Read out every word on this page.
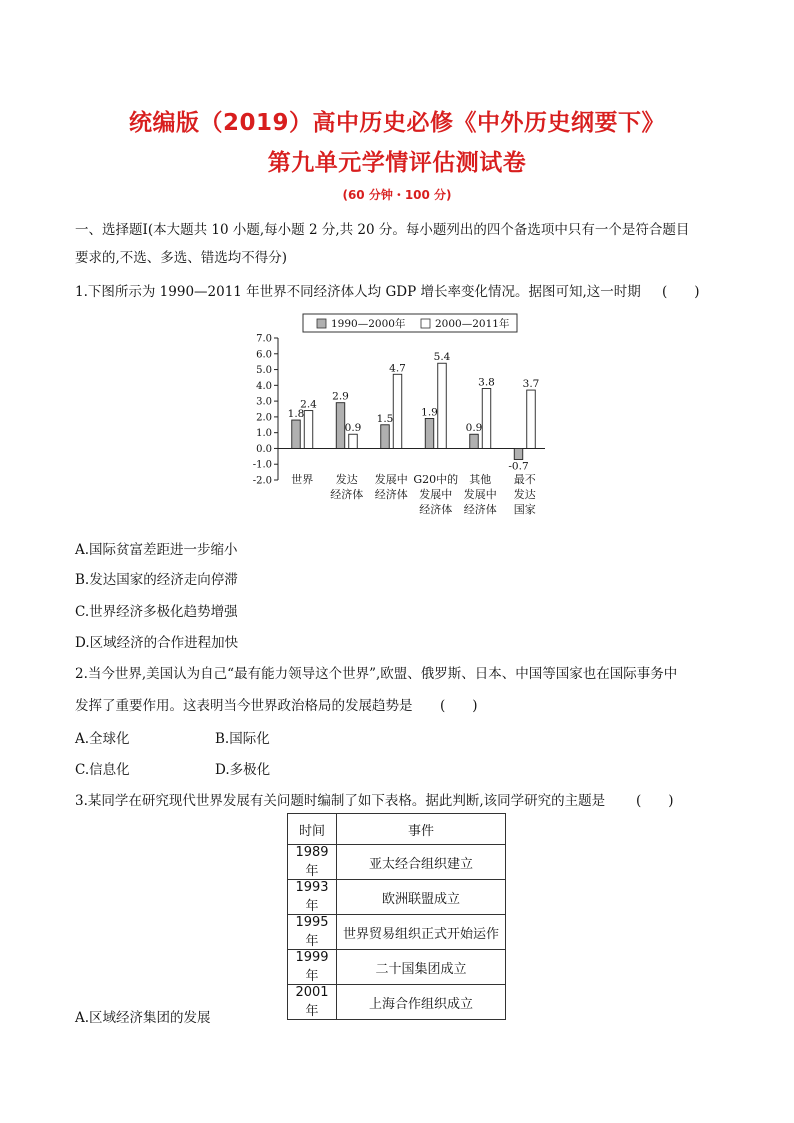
统编版（2019）高中历史必修《中外历史纲要下》
第九单元学情评估测试卷
(60 分钟・100 分)
一、选择题Ⅰ(本大题共 10 小题,每小题 2 分,共 20 分。每小题列出的四个备选项中只有一个是符合题目
要求的,不选、多选、错选均不得分)
1.下图所示为 1990—2011 年世界不同经济体人均 GDP 增长率变化情况。据图可知,这一时期 (　　)
1990—2000年	2000—2011年
7.0
6.0
5.0
4.0
3.0
2.0
1.0
0.0
-1.0
-2.0
1.8
2.4
世界
2.9
0.9
发达
经济体
1.5
4.7
发展中
经济体
1.9
5.4
G20中的
发展中
经济体
0.9
3.8
其他
发展中
经济体
-0.7
3.7
最不
发达
国家
A.国际贫富差距进一步缩小
B.发达国家的经济走向停滞
C.世界经济多极化趋势增强
D.区域经济的合作进程加快
2.当今世界,美国认为自己“最有能力领导这个世界”,欧盟、俄罗斯、日本、中国等国家也在国际事务中
发挥了重要作用。这表明当今世界政治格局的发展趋势是 (　　)
A.全球化	B.国际化
C.信息化	D.多极化
3.某同学在研究现代世界发展有关问题时编制了如下表格。据此判断,该同学研究的主题是 (　　)
时间	事件
1989 年	亚太经合组织建立
1993 年	欧洲联盟成立
1995 年	世界贸易组织正式开始运作
1999 年	二十国集团成立
2001 年	上海合作组织成立
A.区域经济集团的发展
